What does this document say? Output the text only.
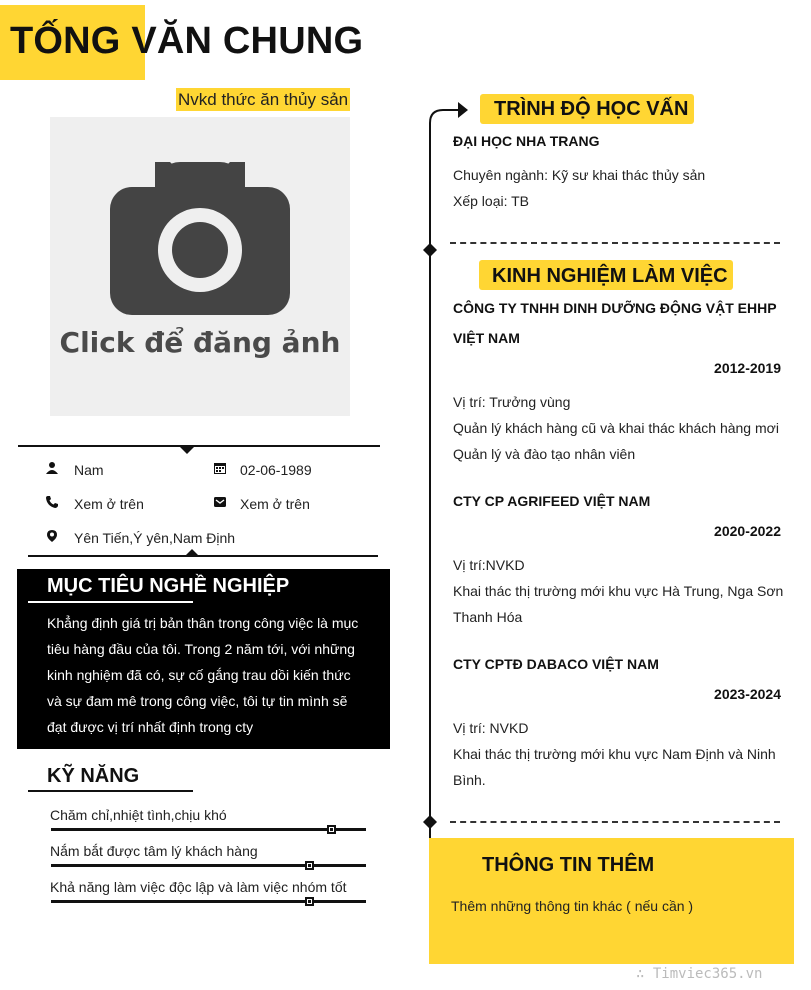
TỐNG VĂN CHUNG
Nvkd thức ăn thủy sản
Click để đăng ảnh
Nam	02-06-1989
Xem ở trên	Xem ở trên
Yên Tiến,Ý yên,Nam Định
MỤC TIÊU NGHỀ NGHIỆP
Khẳng định giá trị bản thân trong công việc là mục
tiêu hàng đầu của tôi. Trong 2 năm tới, với những
kinh nghiệm đã có, sự cố gắng trau dồi kiến thức
và sự đam mê trong công việc, tôi tự tin mình sẽ
đạt được vị trí nhất định trong cty
KỸ NĂNG
Chăm chỉ,nhiệt tình,chịu khó
Nắm bắt được tâm lý khách hàng
Khả năng làm việc độc lập và làm việc nhóm tốt
TRÌNH ĐỘ HỌC VẤN
ĐẠI HỌC NHA TRANG
Chuyên ngành: Kỹ sư khai thác thủy sản
Xếp loại: TB
KINH NGHIỆM LÀM VIỆC
CÔNG TY TNHH DINH DƯỠNG ĐỘNG VẬT EHHP
VIỆT NAM
2012-2019
Vị trí: Trưởng vùng
Quản lý khách hàng cũ và khai thác khách hàng mơi
Quản lý và đào tạo nhân viên
CTY CP AGRIFEED VIỆT NAM
2020-2022
Vị trí:NVKD
Khai thác thị trường mới khu vực Hà Trung, Nga Sơn
Thanh Hóa
CTY CPTĐ DABACO VIỆT NAM
2023-2024
Vị trí: NVKD
Khai thác thị trường mới khu vực Nam Định và Ninh
Bình.
THÔNG TIN THÊM
Thêm những thông tin khác ( nếu cần )
∴ Timviec365.vn
